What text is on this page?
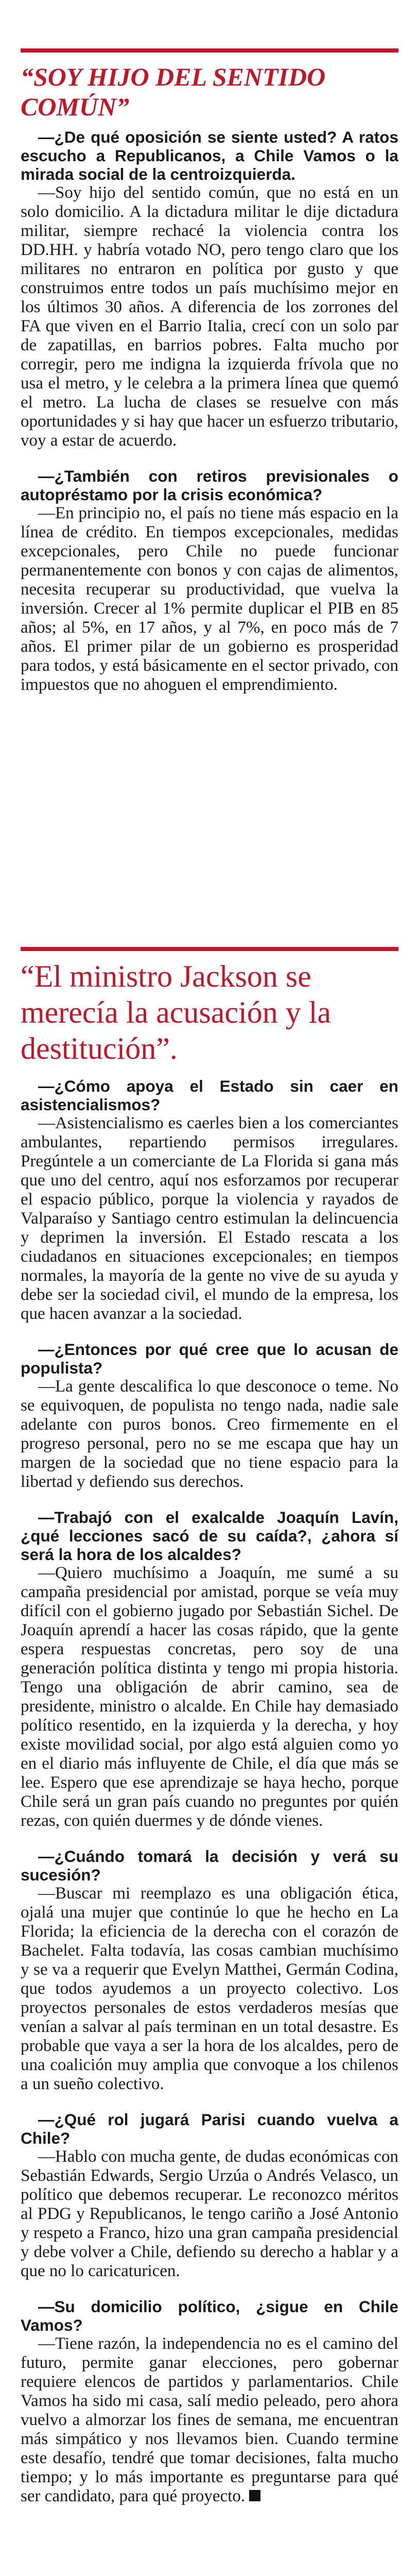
“SOY HIJO DEL SENTIDO COMÚN”

—¿De qué oposición se siente usted? A ratos escucho a Republicanos, a Chile Vamos o la mirada social de la centroizquierda.

—Soy hijo del sentido común, que no está en un solo domicilio. A la dictadura militar le dije dictadura militar, siempre rechacé la violencia contra los DD.HH. y habría votado NO, pero tengo claro que los militares no entraron en política por gusto y que construimos entre todos un país muchísimo mejor en los últimos 30 años. A diferencia de los zorrones del FA que viven en el Barrio Italia, crecí con un solo par de zapatillas, en barrios pobres. Falta mucho por corregir, pero me indigna la izquierda frívola que no usa el metro, y le celebra a la primera línea que quemó el metro. La lucha de clases se resuelve con más oportunidades y si hay que hacer un esfuerzo tributario, voy a estar de acuerdo.

—¿También con retiros previsionales o autopréstamo por la crisis económica?

—En principio no, el país no tiene más espacio en la línea de crédito. En tiempos excepcionales, medidas excepcionales, pero Chile no puede funcionar permanentemente con bonos y con cajas de alimentos, necesita recuperar su productividad, que vuelva la inversión. Crecer al 1% permite duplicar el PIB en 85 años; al 5%, en 17 años, y al 7%, en poco más de 7 años. El primer pilar de un gobierno es prosperidad para todos, y está básicamente en el sector privado, con impuestos que no ahoguen el emprendimiento.

“El ministro Jackson se merecía la acusación y la destitución”.

—¿Cómo apoya el Estado sin caer en asistencialismos?

—Asistencialismo es caerles bien a los comerciantes ambulantes, repartiendo permisos irregulares. Pregúntele a un comerciante de La Florida si gana más que uno del centro, aquí nos esforzamos por recuperar el espacio público, porque la violencia y rayados de Valparaíso y Santiago centro estimulan la delincuencia y deprimen la inversión. El Estado rescata a los ciudadanos en situaciones excepcionales; en tiempos normales, la mayoría de la gente no vive de su ayuda y debe ser la sociedad civil, el mundo de la empresa, los que hacen avanzar a la sociedad.

—¿Entonces por qué cree que lo acusan de populista?

—La gente descalifica lo que desconoce o teme. No se equivoquen, de populista no tengo nada, nadie sale adelante con puros bonos. Creo firmemente en el progreso personal, pero no se me escapa que hay un margen de la sociedad que no tiene espacio para la libertad y defiendo sus derechos.

—Trabajó con el exalcalde Joaquín Lavín, ¿qué lecciones sacó de su caída?, ¿ahora sí será la hora de los alcaldes?

—Quiero muchísimo a Joaquín, me sumé a su campaña presidencial por amistad, porque se veía muy difícil con el gobierno jugado por Sebastián Sichel. De Joaquín aprendí a hacer las cosas rápido, que la gente espera respuestas concretas, pero soy de una generación política distinta y tengo mi propia historia. Tengo una obligación de abrir camino, sea de presidente, ministro o alcalde. En Chile hay demasiado político resentido, en la izquierda y la derecha, y hoy existe movilidad social, por algo está alguien como yo en el diario más influyente de Chile, el día que más se lee. Espero que ese aprendizaje se haya hecho, porque Chile será un gran país cuando no preguntes por quién rezas, con quién duermes y de dónde vienes.

—¿Cuándo tomará la decisión y verá su sucesión?

—Buscar mi reemplazo es una obligación ética, ojalá una mujer que continúe lo que he hecho en La Florida; la eficiencia de la derecha con el corazón de Bachelet. Falta todavía, las cosas cambian muchísimo y se va a requerir que Evelyn Matthei, Germán Codina, que todos ayudemos a un proyecto colectivo. Los proyectos personales de estos verdaderos mesías que venían a salvar al país terminan en un total desastre. Es probable que vaya a ser la hora de los alcaldes, pero de una coalición muy amplia que convoque a los chilenos a un sueño colectivo.

—¿Qué rol jugará Parisi cuando vuelva a Chile?

—Hablo con mucha gente, de dudas económicas con Sebastián Edwards, Sergio Urzúa o Andrés Velasco, un político que debemos recuperar. Le reconozco méritos al PDG y Republicanos, le tengo cariño a José Antonio y respeto a Franco, hizo una gran campaña presidencial y debe volver a Chile, defiendo su derecho a hablar y a que no lo caricaturicen.

—Su domicilio político, ¿sigue en Chile Vamos?

—Tiene razón, la independencia no es el camino del futuro, permite ganar elecciones, pero gobernar requiere elencos de partidos y parlamentarios. Chile Vamos ha sido mi casa, salí medio peleado, pero ahora vuelvo a almorzar los fines de semana, me encuentran más simpático y nos llevamos bien. Cuando termine este desafío, tendré que tomar decisiones, falta mucho tiempo; y lo más importante es preguntarse para qué ser candidato, para qué proyecto.
